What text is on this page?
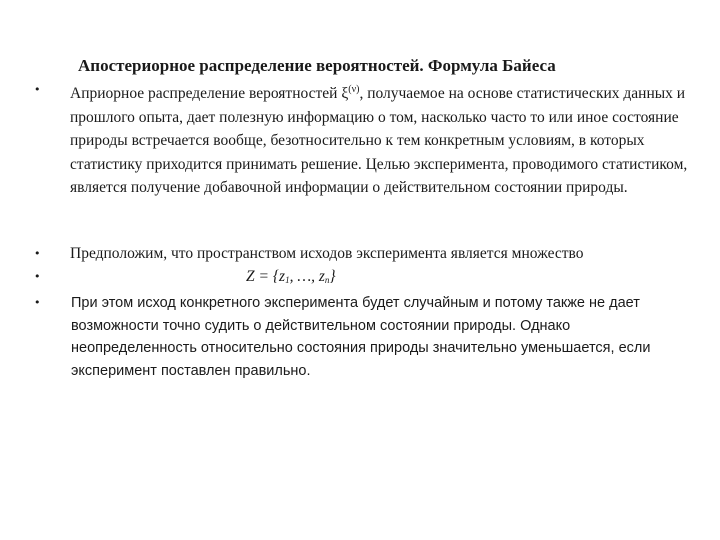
Апостериорное распределение вероятностей. Формула Байеса
• Априорное распределение вероятностей $\xi^{(\nu)}$, получаемое на основе статистических данных и прошлого опыта, дает полезную информацию о том, насколько часто то или иное состояние природы встречается вообще, безотносительно к тем конкретным условиям, в которых статистику приходится принимать решение. Целью эксперимента, проводимого статистиком, является получение добавочной информации о действительном состоянии природы.
• Предположим, что пространством исходов эксперимента является множество
•	$Z = \{z_1$, …, $z_n$}
• При этом исход конкретного эксперимента будет случайным и потому также не дает возможности точно судить о действительном состоянии природы. Однако неопределенность относительно состояния природы значительно уменьшается, если эксперимент поставлен правильно.
